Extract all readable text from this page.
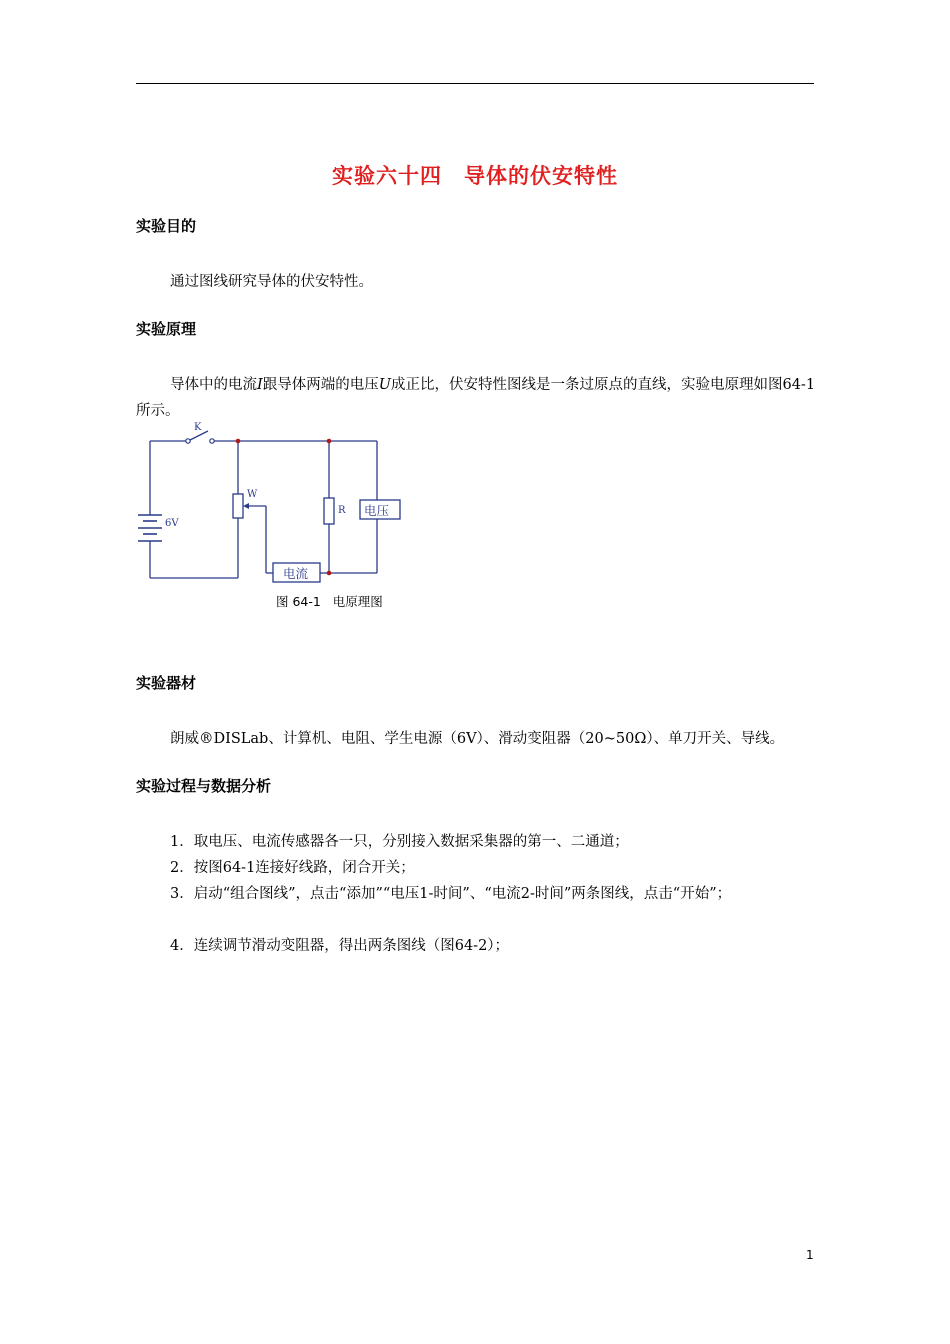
实验六十四　导体的伏安特性
实验目的
通过图线研究导体的伏安特性。
实验原理
导体中的电流I跟导体两端的电压U成正比，伏安特性图线是一条过原点的直线，实验电原理如图64-1所示。
K
W
R
6V
电压
电流
图 64-1   电原理图
实验器材
朗威®DISLab、计算机、电阻、学生电源（6V）、滑动变阻器（20~50Ω）、单刀开关、导线。
实验过程与数据分析
1．取电压、电流传感器各一只，分别接入数据采集器的第一、二通道；
2．按图64-1连接好线路，闭合开关；
3．启动“组合图线”，点击“添加”“电压1-时间”、“电流2-时间”两条图线，点击“开始”；
4．连续调节滑动变阻器，得出两条图线（图64-2）；
1
